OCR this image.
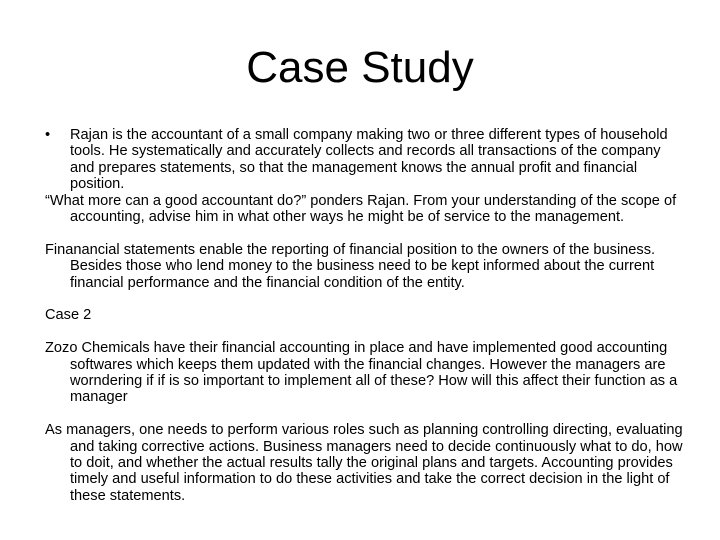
Case Study
• Rajan is the accountant of a small company making two or three different types of household tools. He systematically and accurately collects and records all transactions of the company and prepares statements, so that the management knows the annual profit and financial position.

“What more can a good accountant do?” ponders Rajan. From your understanding of the scope of accounting, advise him in what other ways he might be of service to the management.

Finanancial statements enable the reporting of financial position to the owners of the business. Besides those who lend money to the business need to be kept informed about the current financial performance and the financial condition of the entity.

Case 2

Zozo Chemicals have their financial accounting in place and have implemented good accounting softwares which keeps them updated with the financial changes. However the managers are worndering if if is so important to implement all of these? How will this affect their function as a manager

As managers, one needs to perform various roles such as planning controlling directing, evaluating and taking corrective actions. Business managers need to decide continuously what to do, how to doit, and whether the actual results tally the original plans and targets. Accounting provides timely and useful information to do these activities and take the correct decision in the light of these statements.
